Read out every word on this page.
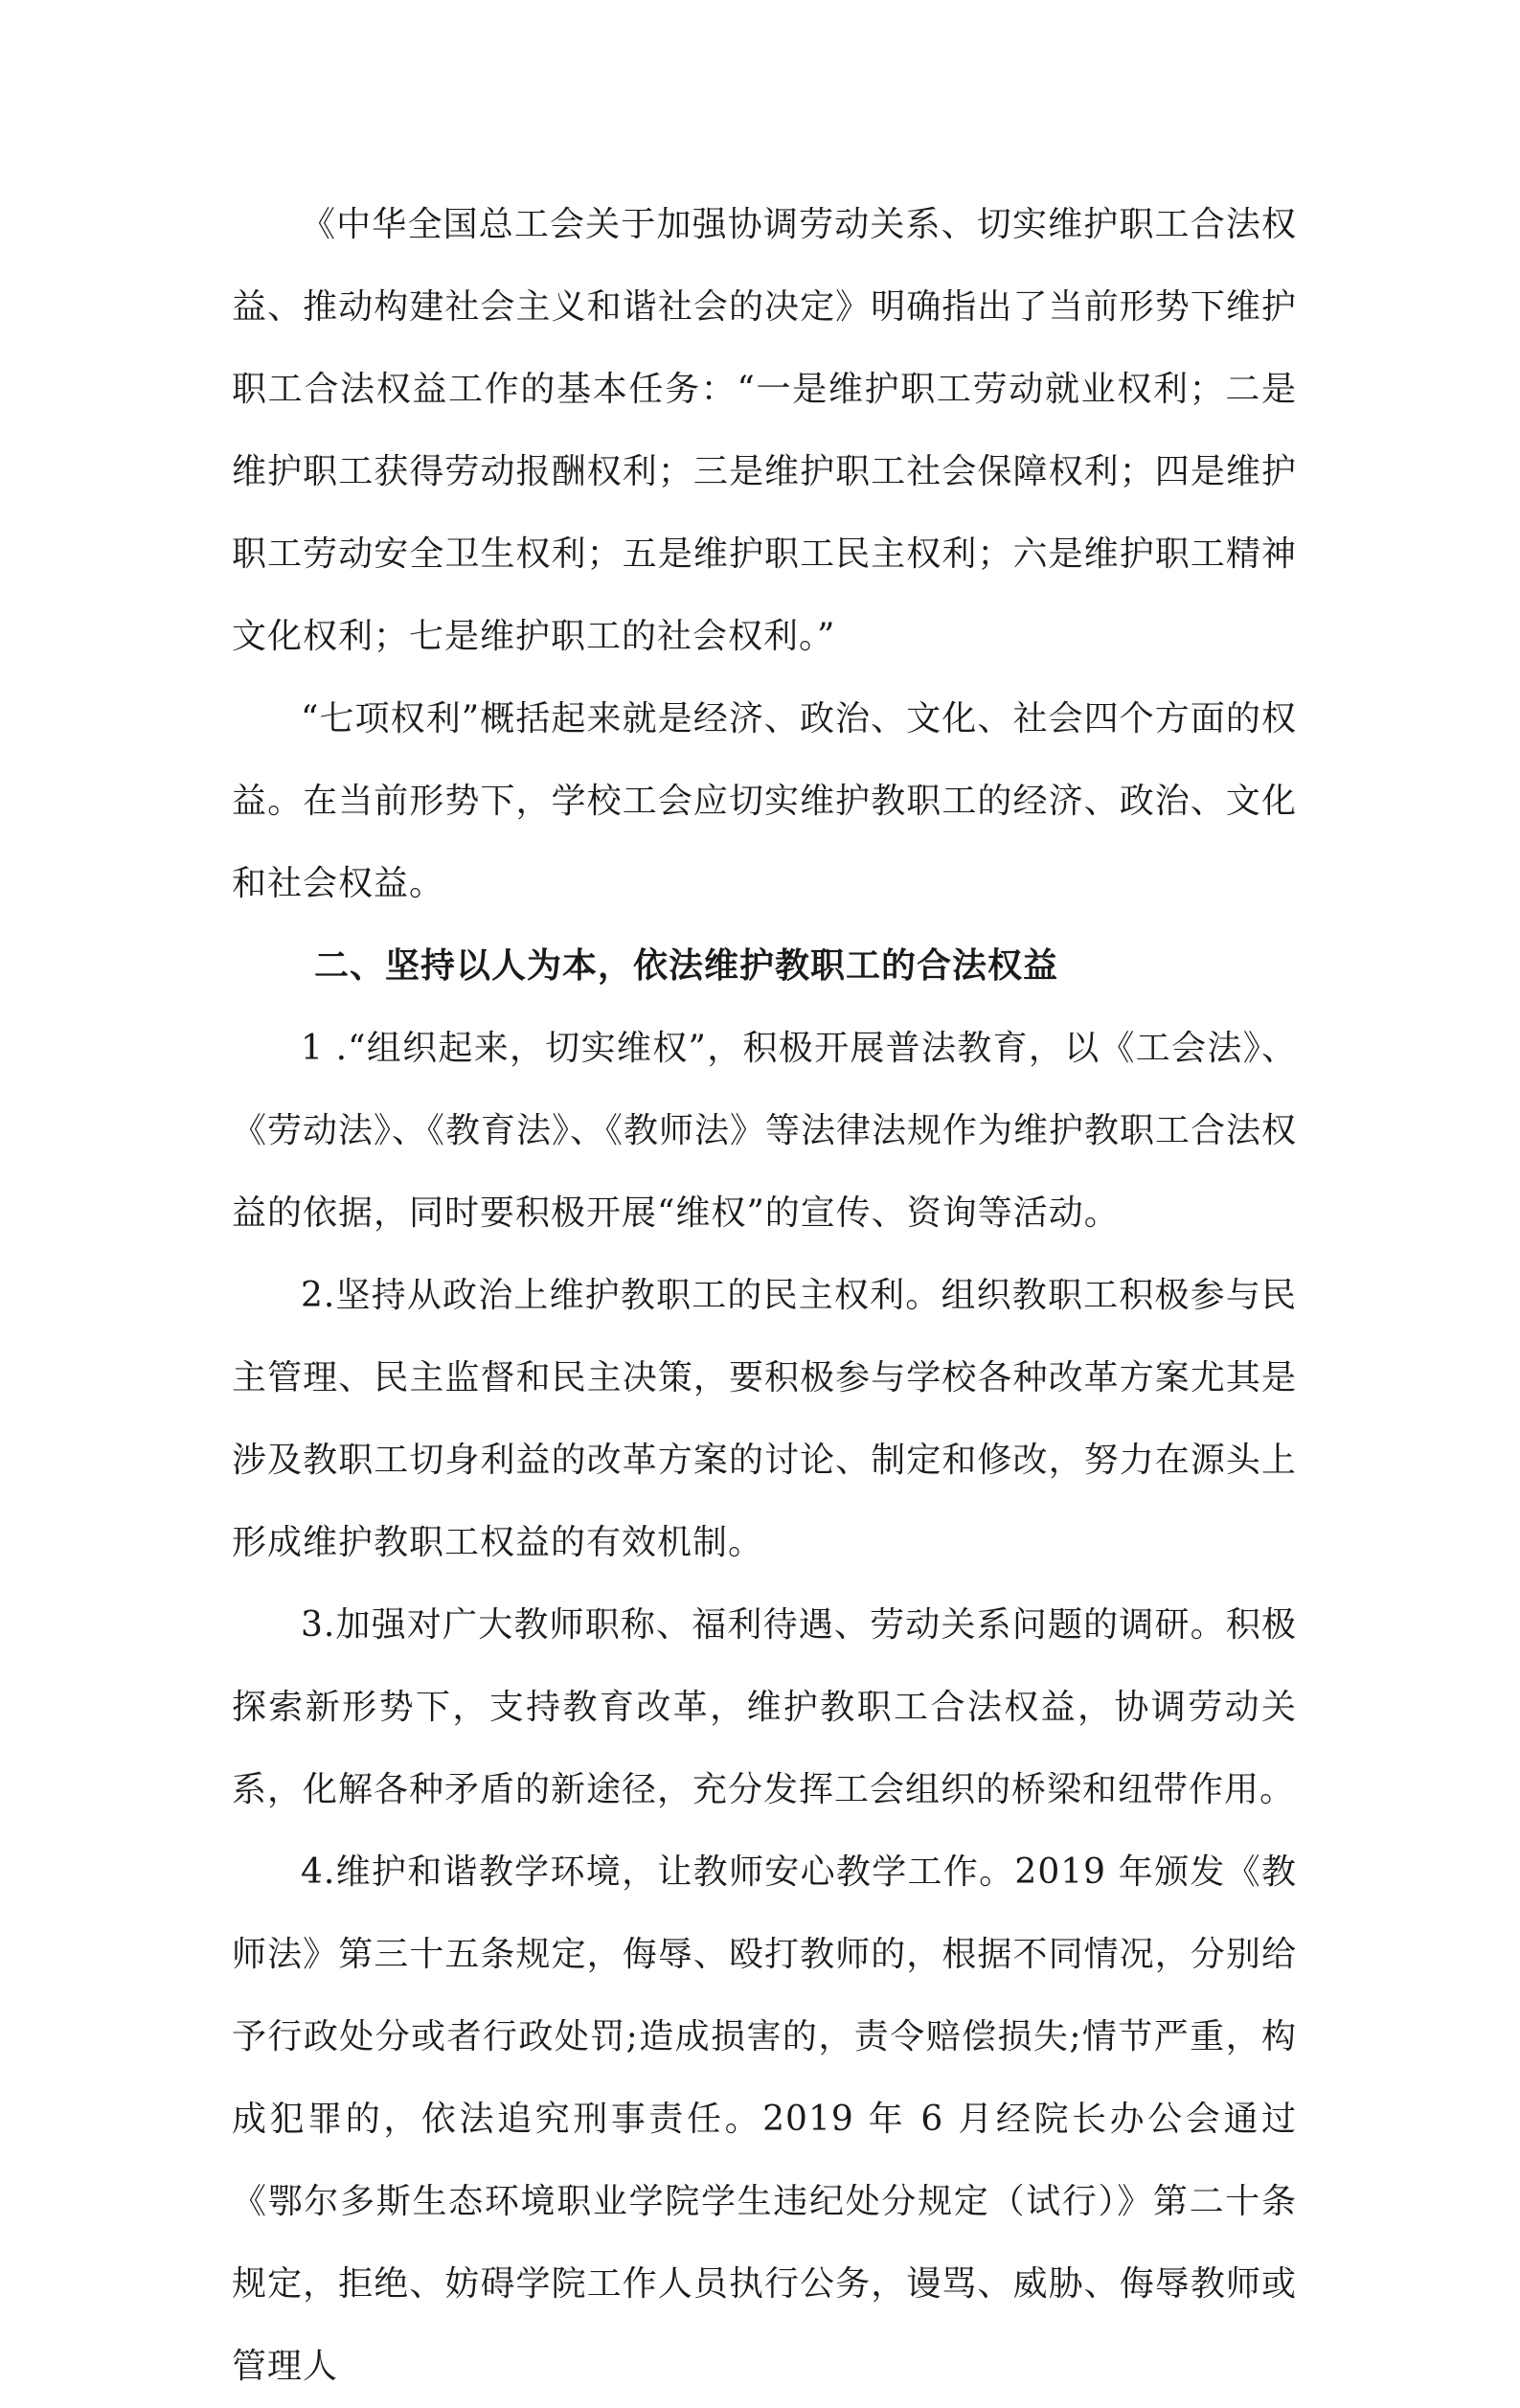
《中华全国总工会关于加强协调劳动关系、切实维护职工合法权益、推动构建社会主义和谐社会的决定》明确指出了当前形势下维护职工合法权益工作的基本任务：“一是维护职工劳动就业权利；二是维护职工获得劳动报酬权利；三是维护职工社会保障权利；四是维护职工劳动安全卫生权利；五是维护职工民主权利；六是维护职工精神文化权利；七是维护职工的社会权利。”

“七项权利”概括起来就是经济、政治、文化、社会四个方面的权益。在当前形势下，学校工会应切实维护教职工的经济、政治、文化和社会权益。

二、坚持以人为本，依法维护教职工的合法权益

1 .“组织起来，切实维权”，积极开展普法教育，以《工会法》、《劳动法》、《教育法》、《教师法》等法律法规作为维护教职工合法权益的依据，同时要积极开展“维权”的宣传、资询等活动。

2.坚持从政治上维护教职工的民主权利。组织教职工积极参与民主管理、民主监督和民主决策，要积极参与学校各种改革方案尤其是涉及教职工切身利益的改革方案的讨论、制定和修改，努力在源头上形成维护教职工权益的有效机制。

3.加强对广大教师职称、福利待遇、劳动关系问题的调研。积极探索新形势下，支持教育改革，维护教职工合法权益，协调劳动关系，化解各种矛盾的新途径，充分发挥工会组织的桥梁和纽带作用。

4.维护和谐教学环境，让教师安心教学工作。2019 年颁发《教师法》第三十五条规定，侮辱、殴打教师的，根据不同情况，分别给予行政处分或者行政处罚;造成损害的，责令赔偿损失;情节严重，构成犯罪的，依法追究刑事责任。2019 年 6 月经院长办公会通过《鄂尔多斯生态环境职业学院学生违纪处分规定（试行）》第二十条规定，拒绝、妨碍学院工作人员执行公务，谩骂、威胁、侮辱教师或管理人
